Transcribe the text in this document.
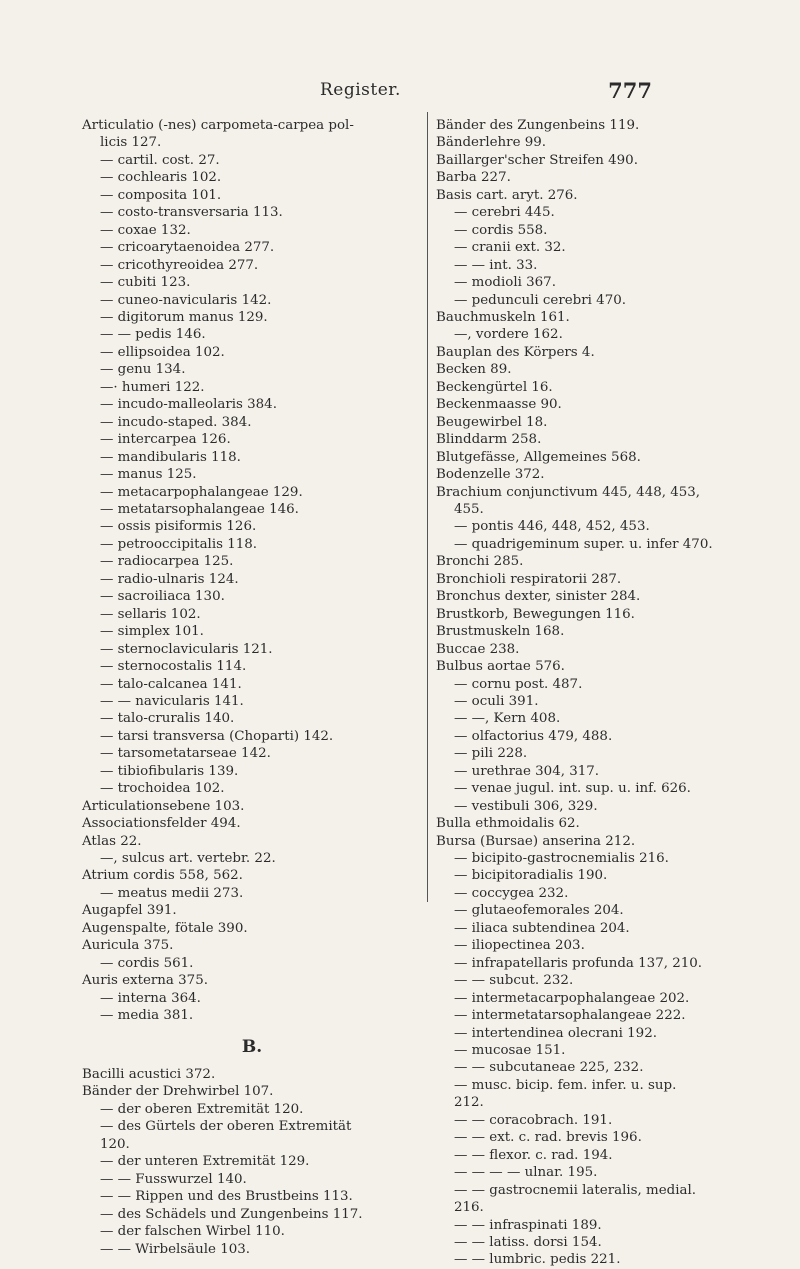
Register.	777
Articulatio (-nes) carpometa-carpea pol-
licis 127.
— cartil. cost. 27.
— cochlearis 102.
— composita 101.
— costo-transversaria 113.
— coxae 132.
— cricoarytaenoidea 277.
— cricothyreoidea 277.
— cubiti 123.
— cuneo-navicularis 142.
— digitorum manus 129.
— — pedis 146.
— ellipsoidea 102.
— genu 134.
—· humeri 122.
— incudo-malleolaris 384.
— incudo-staped. 384.
— intercarpea 126.
— mandibularis 118.
— manus 125.
— metacarpophalangeae 129.
— metatarsophalangeae 146.
— ossis pisiformis 126.
— petrooccipitalis 118.
— radiocarpea 125.
— radio-ulnaris 124.
— sacroiliaca 130.
— sellaris 102.
— simplex 101.
— sternoclavicularis 121.
— sternocostalis 114.
— talo-calcanea 141.
— — navicularis 141.
— talo-cruralis 140.
— tarsi transversa (Choparti) 142.
— tarsometatarseae 142.
— tibiofibularis 139.
— trochoidea 102.
Articulationsebene 103.
Associationsfelder 494.
Atlas 22.
—, sulcus art. vertebr. 22.
Atrium cordis 558, 562.
— meatus medii 273.
Augapfel 391.
Augenspalte, fötale 390.
Auricula 375.
— cordis 561.
Auris externa 375.
— interna 364.
— media 381.
B.
Bacilli acustici 372.
Bänder der Drehwirbel 107.
— der oberen Extremität 120.
— des Gürtels der oberen Extremität
120.
— der unteren Extremität 129.
— — Fusswurzel 140.
— — Rippen und des Brustbeins 113.
— des Schädels und Zungenbeins 117.
— der falschen Wirbel 110.
— — Wirbelsäule 103.
Bänder des Zungenbeins 119.
Bänderlehre 99.
Baillarger'scher Streifen 490.
Barba 227.
Basis cart. aryt. 276.
— cerebri 445.
— cordis 558.
— cranii ext. 32.
— — int. 33.
— modioli 367.
— pedunculi cerebri 470.
Bauchmuskeln 161.
—, vordere 162.
Bauplan des Körpers 4.
Becken 89.
Beckengürtel 16.
Beckenmaasse 90.
Beugewirbel 18.
Blinddarm 258.
Blutgefässe, Allgemeines 568.
Bodenzelle 372.
Brachium conjunctivum 445, 448, 453,
455.
— pontis 446, 448, 452, 453.
— quadrigeminum super. u. infer 470.
Bronchi 285.
Bronchioli respiratorii 287.
Bronchus dexter, sinister 284.
Brustkorb, Bewegungen 116.
Brustmuskeln 168.
Buccae 238.
Bulbus aortae 576.
— cornu post. 487.
— oculi 391.
— —, Kern 408.
— olfactorius 479, 488.
— pili 228.
— urethrae 304, 317.
— venae jugul. int. sup. u. inf. 626.
— vestibuli 306, 329.
Bulla ethmoidalis 62.
Bursa (Bursae) anserina 212.
— bicipito-gastrocnemialis 216.
— bicipitoradialis 190.
— coccygea 232.
— glutaeofemorales 204.
— iliaca subtendinea 204.
— iliopectinea 203.
— infrapatellaris profunda 137, 210.
— — subcut. 232.
— intermetacarpophalangeae 202.
— intermetatarsophalangeae 222.
— intertendinea olecrani 192.
— mucosae 151.
— — subcutaneae 225, 232.
— musc. bicip. fem. infer. u. sup.
212.
— — coracobrach. 191.
— — ext. c. rad. brevis 196.
— — flexor. c. rad. 194.
— — — — ulnar. 195.
— — gastrocnemii lateralis, medial.
216.
— — infraspinati 189.
— — latiss. dorsi 154.
— — lumbric. pedis 221.
